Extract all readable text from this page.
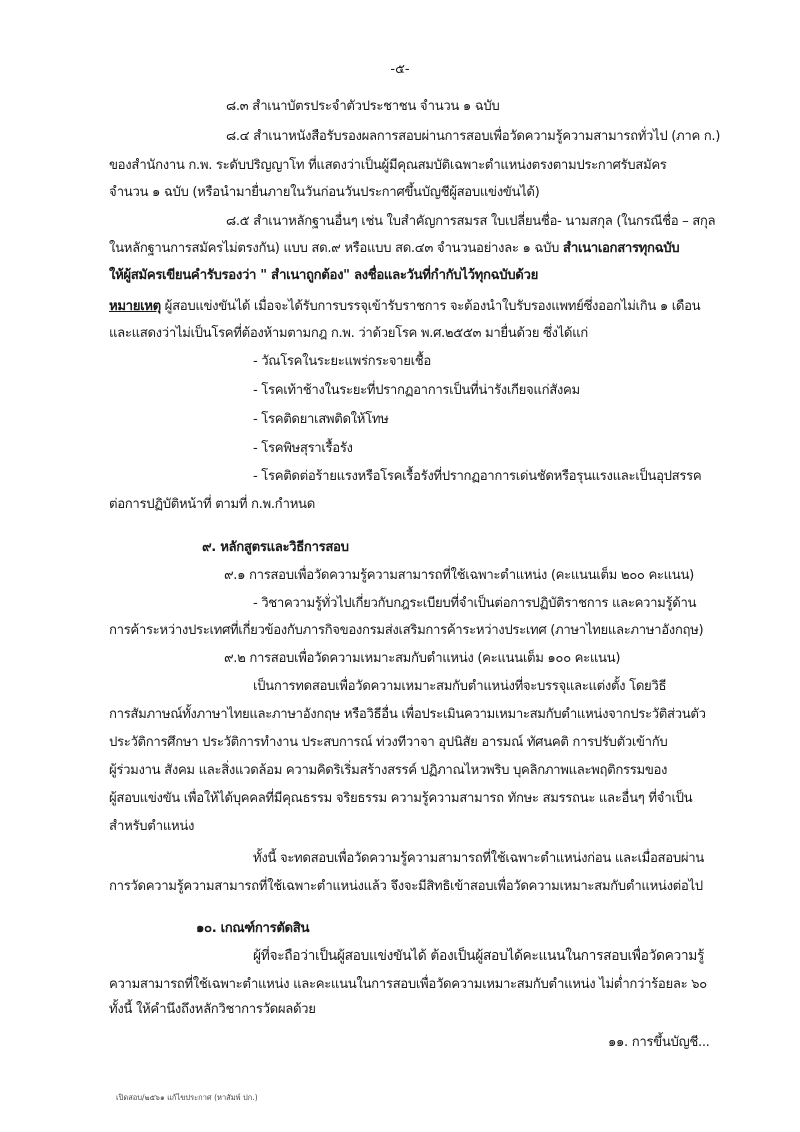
-๕-
๘.๓ สำเนาบัตรประจำตัวประชาชน จำนวน ๑ ฉบับ
๘.๔ สำเนาหนังสือรับรองผลการสอบผ่านการสอบเพื่อวัดความรู้ความสามารถทั่วไป (ภาค ก.)
ของสำนักงาน ก.พ. ระดับปริญญาโท ที่แสดงว่าเป็นผู้มีคุณสมบัติเฉพาะตำแหน่งตรงตามประกาศรับสมัคร
จำนวน ๑ ฉบับ (หรือนำมายื่นภายในวันก่อนวันประกาศขึ้นบัญชีผู้สอบแข่งขันได้)
๘.๕ สำเนาหลักฐานอื่นๆ เช่น ใบสำคัญการสมรส ใบเปลี่ยนชื่อ- นามสกุล (ในกรณีชื่อ – สกุล
ในหลักฐานการสมัครไม่ตรงกัน) แบบ สด.๙ หรือแบบ สด.๔๓ จำนวนอย่างละ ๑ ฉบับ สำเนาเอกสารทุกฉบับ
ให้ผู้สมัครเขียนคำรับรองว่า " สำเนาถูกต้อง" ลงชื่อและวันที่กำกับไว้ทุกฉบับด้วย
หมายเหตุ ผู้สอบแข่งขันได้ เมื่อจะได้รับการบรรจุเข้ารับราชการ จะต้องนำใบรับรองแพทย์ซึ่งออกไม่เกิน ๑ เดือน
และแสดงว่าไม่เป็นโรคที่ต้องห้ามตามกฎ ก.พ. ว่าด้วยโรค พ.ศ.๒๕๕๓ มายื่นด้วย ซึ่งได้แก่
- วัณโรคในระยะแพร่กระจายเชื้อ
- โรคเท้าช้างในระยะที่ปรากฏอาการเป็นที่น่ารังเกียจแก่สังคม
- โรคติดยาเสพติดให้โทษ
- โรคพิษสุราเรื้อรัง
- โรคติดต่อร้ายแรงหรือโรคเรื้อรังที่ปรากฏอาการเด่นชัดหรือรุนแรงและเป็นอุปสรรค
ต่อการปฏิบัติหน้าที่ ตามที่ ก.พ.กำหนด
๙. หลักสูตรและวิธีการสอบ
๙.๑ การสอบเพื่อวัดความรู้ความสามารถที่ใช้เฉพาะตำแหน่ง (คะแนนเต็ม ๒๐๐ คะแนน)
- วิชาความรู้ทั่วไปเกี่ยวกับกฎระเบียบที่จำเป็นต่อการปฏิบัติราชการ และความรู้ด้าน
การค้าระหว่างประเทศที่เกี่ยวข้องกับภารกิจของกรมส่งเสริมการค้าระหว่างประเทศ (ภาษาไทยและภาษาอังกฤษ)
๙.๒ การสอบเพื่อวัดความเหมาะสมกับตำแหน่ง (คะแนนเต็ม ๑๐๐ คะแนน)
เป็นการทดสอบเพื่อวัดความเหมาะสมกับตำแหน่งที่จะบรรจุและแต่งตั้ง โดยวิธี
การสัมภาษณ์ทั้งภาษาไทยและภาษาอังกฤษ หรือวิธีอื่น เพื่อประเมินความเหมาะสมกับตำแหน่งจากประวัติส่วนตัว
ประวัติการศึกษา ประวัติการทำงาน ประสบการณ์ ท่วงทีวาจา อุปนิสัย อารมณ์ ทัศนคติ การปรับตัวเข้ากับ
ผู้ร่วมงาน สังคม และสิ่งแวดล้อม ความคิดริเริ่มสร้างสรรค์ ปฏิภาณไหวพริบ บุคลิกภาพและพฤติกรรมของ
ผู้สอบแข่งขัน เพื่อให้ได้บุคคลที่มีคุณธรรม จริยธรรม ความรู้ความสามารถ ทักษะ สมรรถนะ และอื่นๆ ที่จำเป็น
สำหรับตำแหน่ง
ทั้งนี้ จะทดสอบเพื่อวัดความรู้ความสามารถที่ใช้เฉพาะตำแหน่งก่อน และเมื่อสอบผ่าน
การวัดความรู้ความสามารถที่ใช้เฉพาะตำแหน่งแล้ว จึงจะมีสิทธิเข้าสอบเพื่อวัดความเหมาะสมกับตำแหน่งต่อไป
๑๐. เกณฑ์การตัดสิน
ผู้ที่จะถือว่าเป็นผู้สอบแข่งขันได้ ต้องเป็นผู้สอบได้คะแนนในการสอบเพื่อวัดความรู้
ความสามารถที่ใช้เฉพาะตำแหน่ง และคะแนนในการสอบเพื่อวัดความเหมาะสมกับตำแหน่ง ไม่ต่ำกว่าร้อยละ ๖๐
ทั้งนี้ ให้คำนึงถึงหลักวิชาการวัดผลด้วย
๑๑. การขึ้นบัญชี...
เปิดสอบ/๒๕๖๑ แก้ไขประกาศ (หาสัมพ์ ปก.)
